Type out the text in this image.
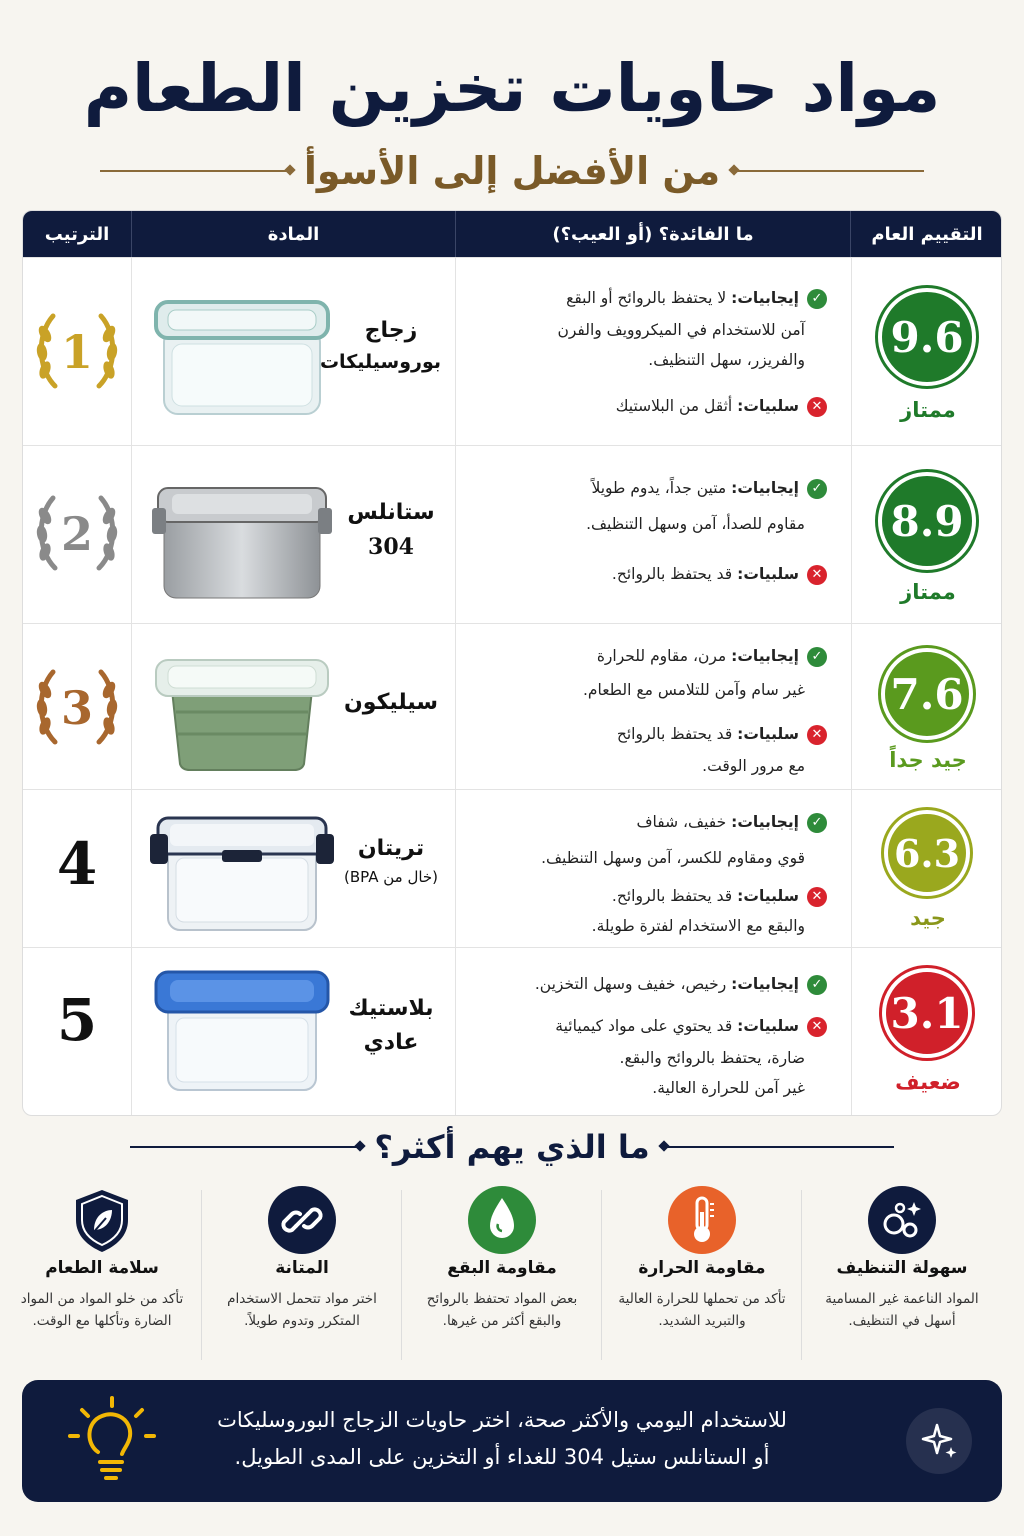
مواد حاويات تخزين الطعام
من الأفضل إلى الأسوأ
التقييم العام
ما الفائدة؟ (أو العيب؟)
المادة
الترتيب
9.6
ممتاز
✓
إيجابيات: لا يحتفظ بالروائح أو البقع
آمن للاستخدام في الميكروويف والفرن
والفريزر، سهل التنظيف.
✕
سلبيات: أثقل من البلاستيك
زجاج
بوروسيليكات
1
8.9
ممتاز
✓
إيجابيات: متين جداً، يدوم طويلاً
مقاوم للصدأ، آمن وسهل التنظيف.
✕
سلبيات: قد يحتفظ بالروائح.
ستانلس
304
2
7.6
جيد جداً
✓
إيجابيات: مرن، مقاوم للحرارة
غير سام وآمن للتلامس مع الطعام.
✕
سلبيات: قد يحتفظ بالروائح
مع مرور الوقت.
سيليكون
3
6.3
جيد
✓
إيجابيات: خفيف، شفاف
قوي ومقاوم للكسر، آمن وسهل التنظيف.
✕
سلبيات: قد يحتفظ بالروائح.
والبقع مع الاستخدام لفترة طويلة.
تريتان
(خال من BPA)
4
3.1
ضعيف
✓
إيجابيات: رخيص، خفيف وسهل التخزين.
✕
سلبيات: قد يحتوي على مواد كيميائية
ضارة، يحتفظ بالروائح والبقع.
غير آمن للحرارة العالية.
بلاستيك
عادي
5
ما الذي يهم أكثر؟
سهولة التنظيف
المواد الناعمة غير المسامية أسهل في التنظيف.
مقاومة الحرارة
تأكد من تحملها للحرارة العالية والتبريد الشديد.
مقاومة البقع
بعض المواد تحتفظ بالروائح والبقع أكثر من غيرها.
المتانة
اختر مواد تتحمل الاستخدام المتكرر وتدوم طويلاً.
سلامة الطعام
تأكد من خلو المواد من المواد الضارة وتأكلها مع الوقت.
للاستخدام اليومي والأكثر صحة، اختر حاويات الزجاج البوروسليكات
أو الستانلس ستيل 304 للغداء أو التخزين على المدى الطويل.
